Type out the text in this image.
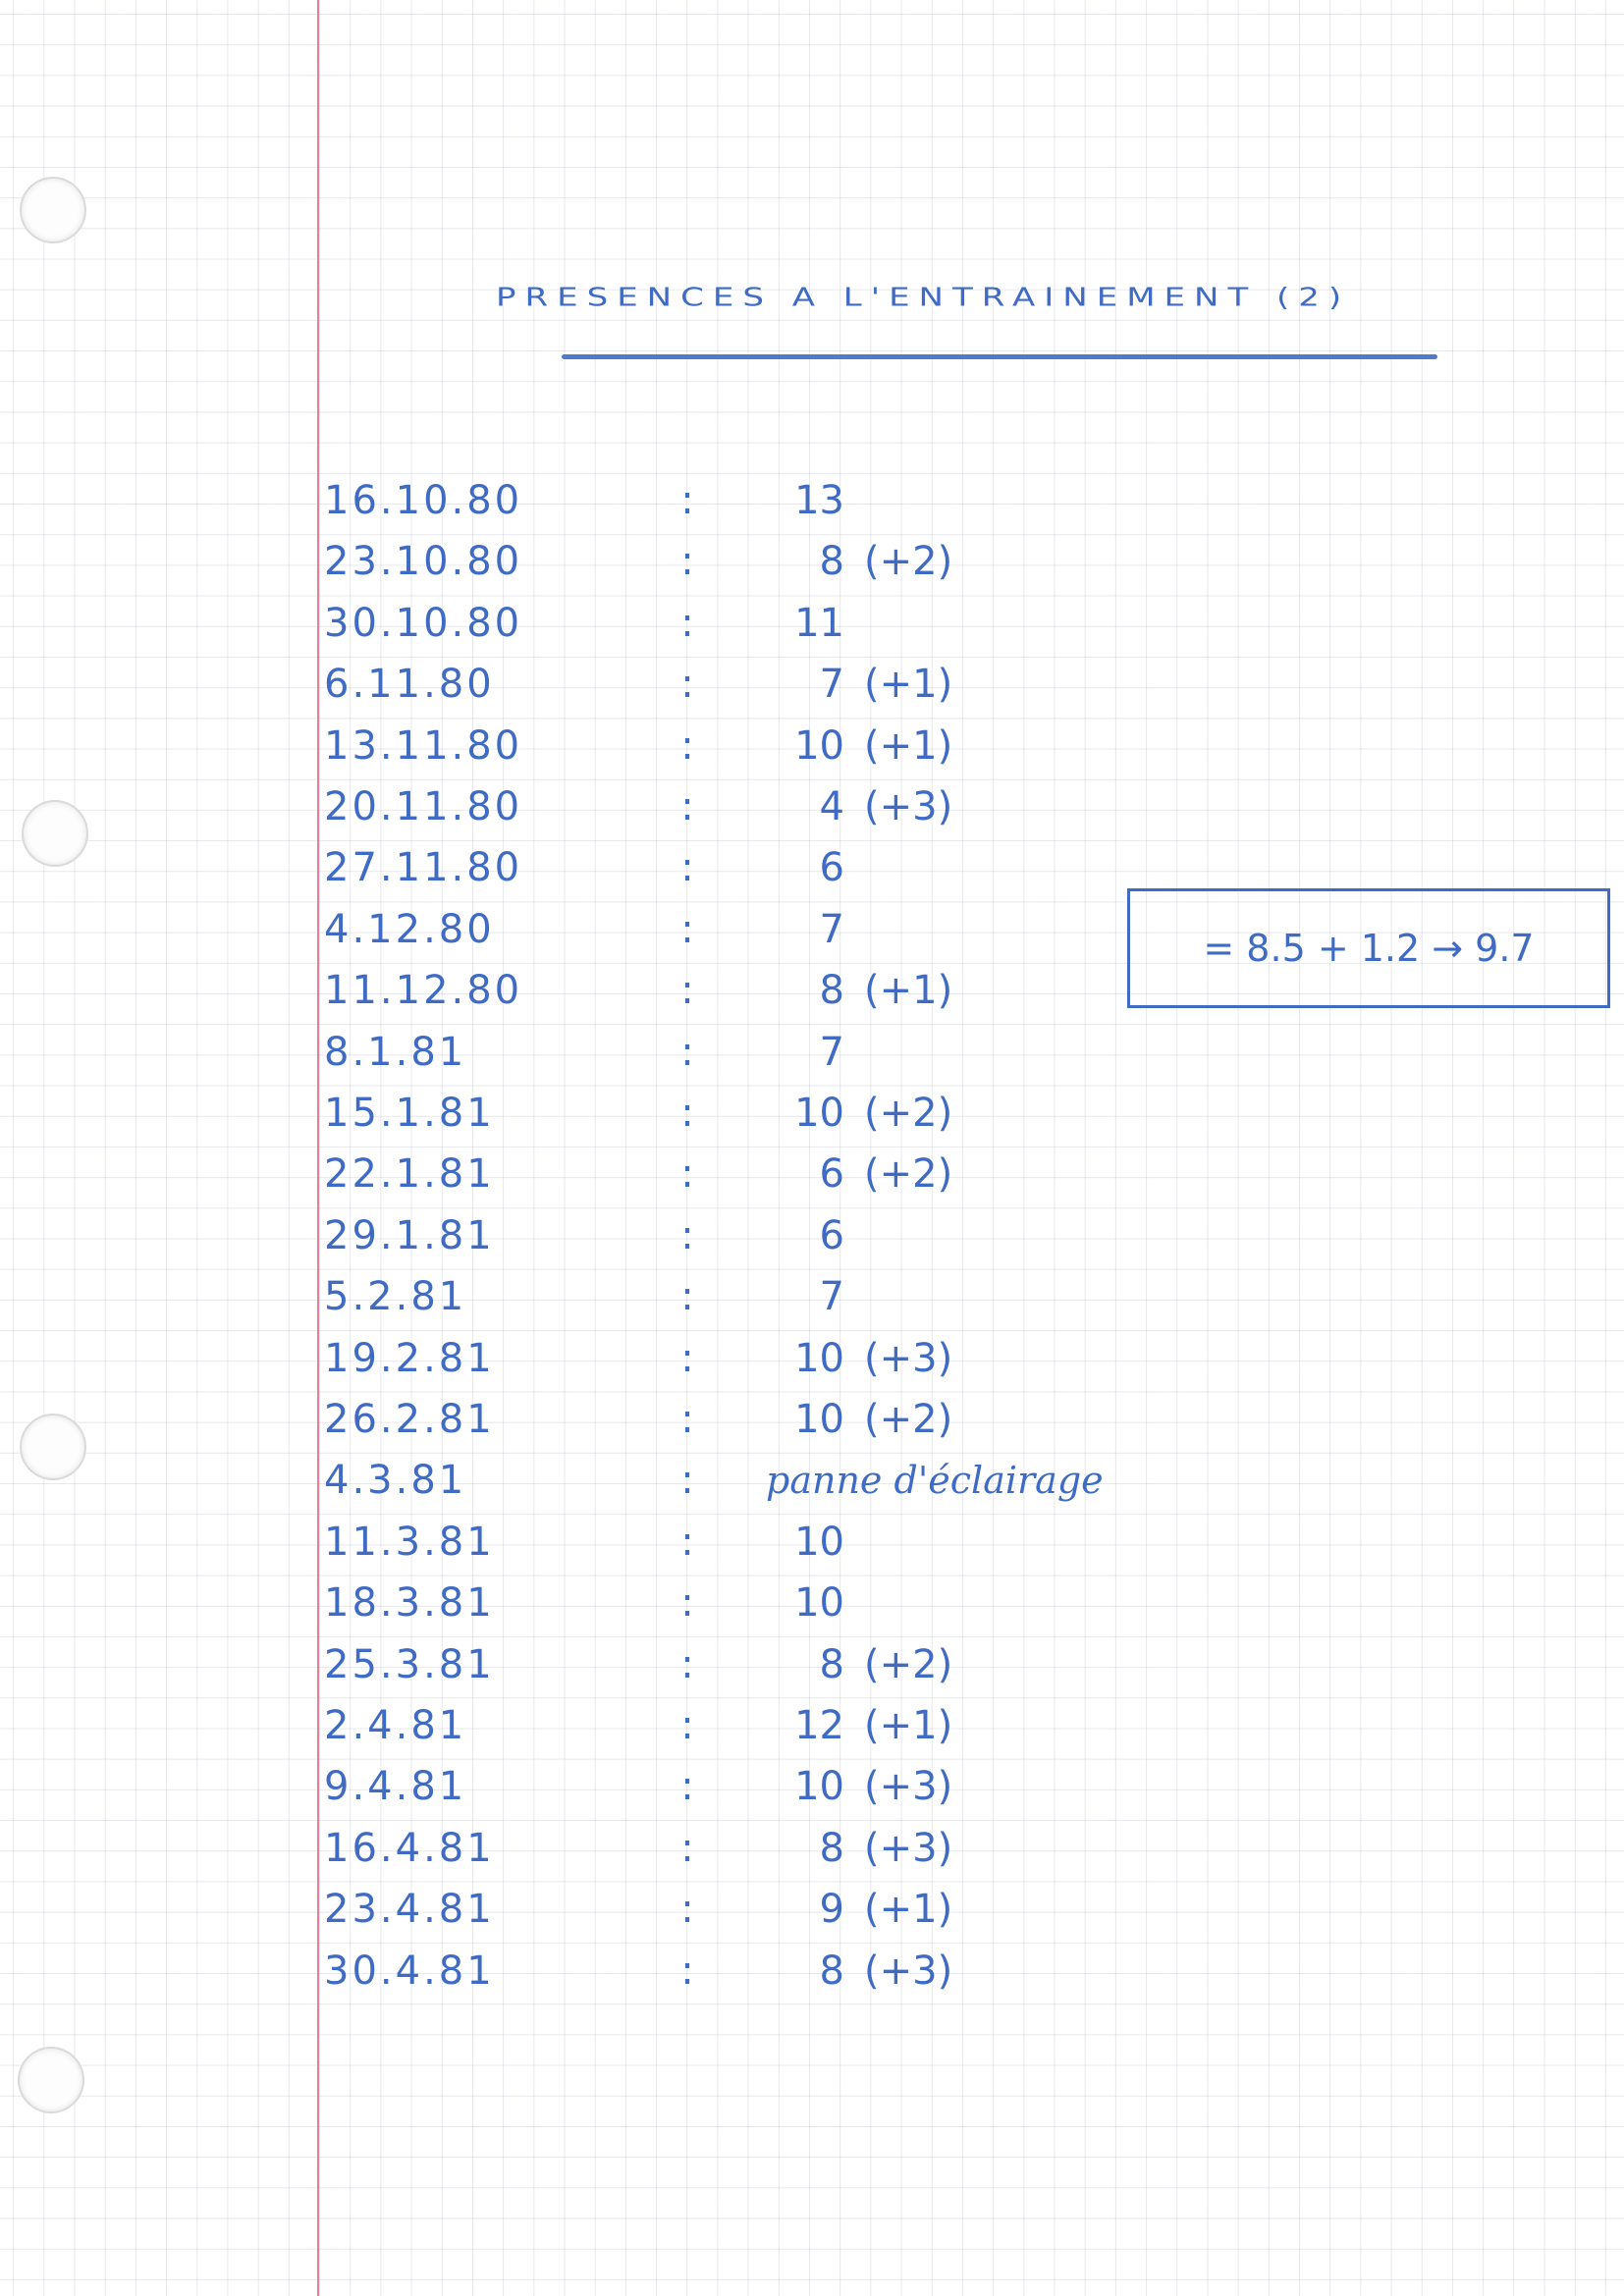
PRESENCES A L'ENTRAINEMENT (2)
16.10.80	:	13
23.10.80	:	8 (+2)
30.10.80	:	11
6.11.80	:	7 (+1)
13.11.80	:	10 (+1)
20.11.80	:	4 (+3)
27.11.80	:	6
4.12.80	:	7
11.12.80	:	8 (+1)
8.1.81	:	7
15.1.81	:	10 (+2)
22.1.81	:	6 (+2)
29.1.81	:	6
5.2.81	:	7
19.2.81	:	10 (+3)
26.2.81	:	10 (+2)
4.3.81	: panne d'éclairage
11.3.81	:	10
18.3.81	:	10
25.3.81	:	8 (+2)
2.4.81	:	12 (+1)
9.4.81	:	10 (+3)
16.4.81	:	8 (+3)
23.4.81	:	9 (+1)
30.4.81	:	8 (+3)
= 8.5 + 1.2 → 9.7
